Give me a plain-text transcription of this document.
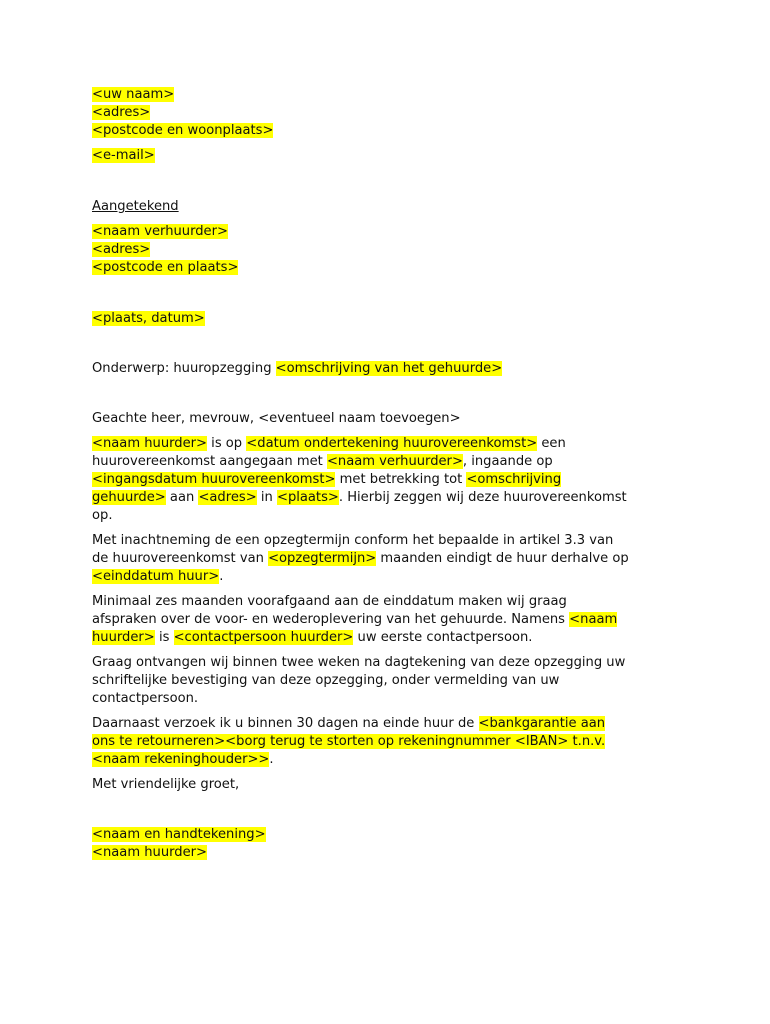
<uw naam>
<adres>
<postcode en woonplaats>
<e-mail>
Aangetekend
<naam verhuurder>
<adres>
<postcode en plaats>
<plaats, datum>
Onderwerp: huuropzegging <omschrijving van het gehuurde>
Geachte heer, mevrouw, <eventueel naam toevoegen>
<naam huurder> is op <datum ondertekening huurovereenkomst> een
huurovereenkomst aangegaan met <naam verhuurder>, ingaande op
<ingangsdatum huurovereenkomst> met betrekking tot <omschrijving
gehuurde> aan <adres> in <plaats>. Hierbij zeggen wij deze huurovereenkomst
op.
Met inachtneming de een opzegtermijn conform het bepaalde in artikel 3.3 van
de huurovereenkomst van <opzegtermijn> maanden eindigt de huur derhalve op
<einddatum huur>.
Minimaal zes maanden voorafgaand aan de einddatum maken wij graag
afspraken over de voor- en wederoplevering van het gehuurde. Namens <naam
huurder> is <contactpersoon huurder> uw eerste contactpersoon.
Graag ontvangen wij binnen twee weken na dagtekening van deze opzegging uw
schriftelijke bevestiging van deze opzegging, onder vermelding van uw
contactpersoon.
Daarnaast verzoek ik u binnen 30 dagen na einde huur de <bankgarantie aan
ons te retourneren><borg terug te storten op rekeningnummer <IBAN> t.n.v.
<naam rekeninghouder>>.
Met vriendelijke groet,
<naam en handtekening>
<naam huurder>
